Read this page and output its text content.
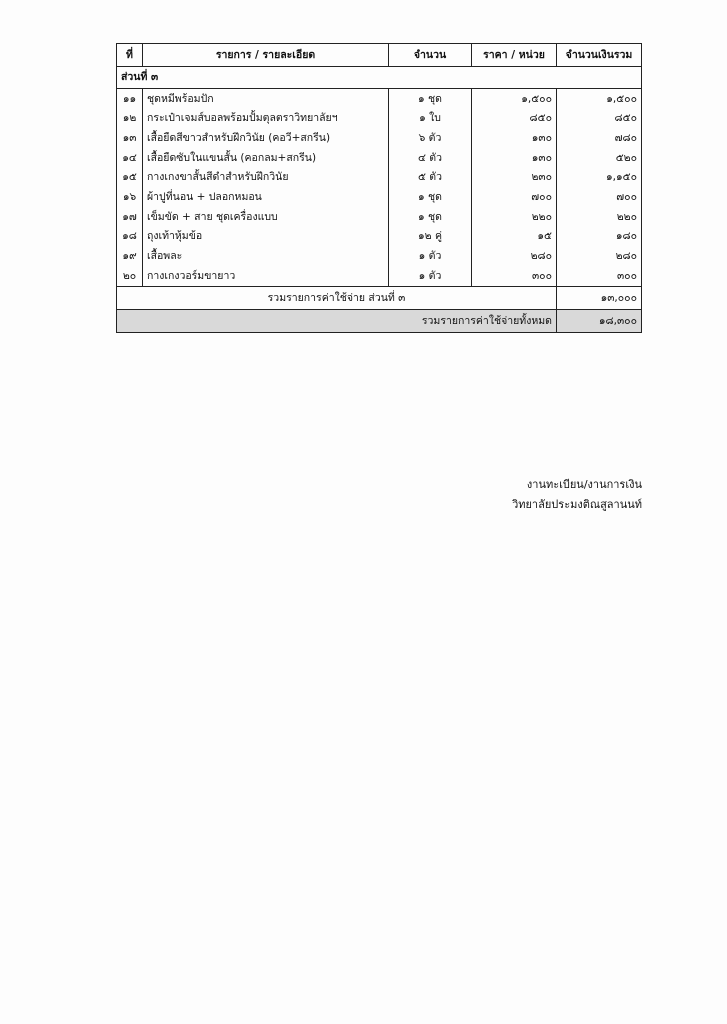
ส่วนที่ ๓				
ที่	รายการ / รายละเอียด	จำนวน	ราคา / หน่วย	จำนวนเงินรวม
๑๑	ชุดหมีพร้อมปัก	๑ ชุด	๑,๕๐๐	๑,๕๐๐
๑๒	กระเป๋าเจมส์บอลพร้อมปั้มตุลตราวิทยาลัยฯ	๑ ใบ	๘๕๐	๘๕๐
๑๓	เสื้อยืดสีขาวสำหรับฝึกวินัย (คอวี+สกรีน)	๖ ตัว	๑๓๐	๗๘๐
๑๔	เสื้อยืดซับในแขนสั้น (คอกลม+สกรีน)	๔ ตัว	๑๓๐	๕๒๐
๑๕	กางเกงขาสั้นสีดำสำหรับฝึกวินัย	๕ ตัว	๒๓๐	๑,๑๕๐
๑๖	ผ้าปูที่นอน + ปลอกหมอน	๑ ชุด	๗๐๐	๗๐๐
๑๗	เข็มขัด + สาย ชุดเครื่องแบบ	๑ ชุด	๒๒๐	๒๒๐
๑๘	ถุงเท้าหุ้มข้อ	๑๒ คู่	๑๕	๑๘๐
๑๙	เสื้อพละ	๑ ตัว	๒๘๐	๒๘๐
๒๐	กางเกงวอร์มขายาว	๑ ตัว	๓๐๐	๓๐๐
รวมรายการค่าใช้จ่าย ส่วนที่ ๓				๑๓,๐๐๐
รวมรายการค่าใช้จ่ายทั้งหมด				๑๘,๓๐๐
งานทะเบียน/งานการเงิน
วิทยาลัยประมงติณสูลานนท์
